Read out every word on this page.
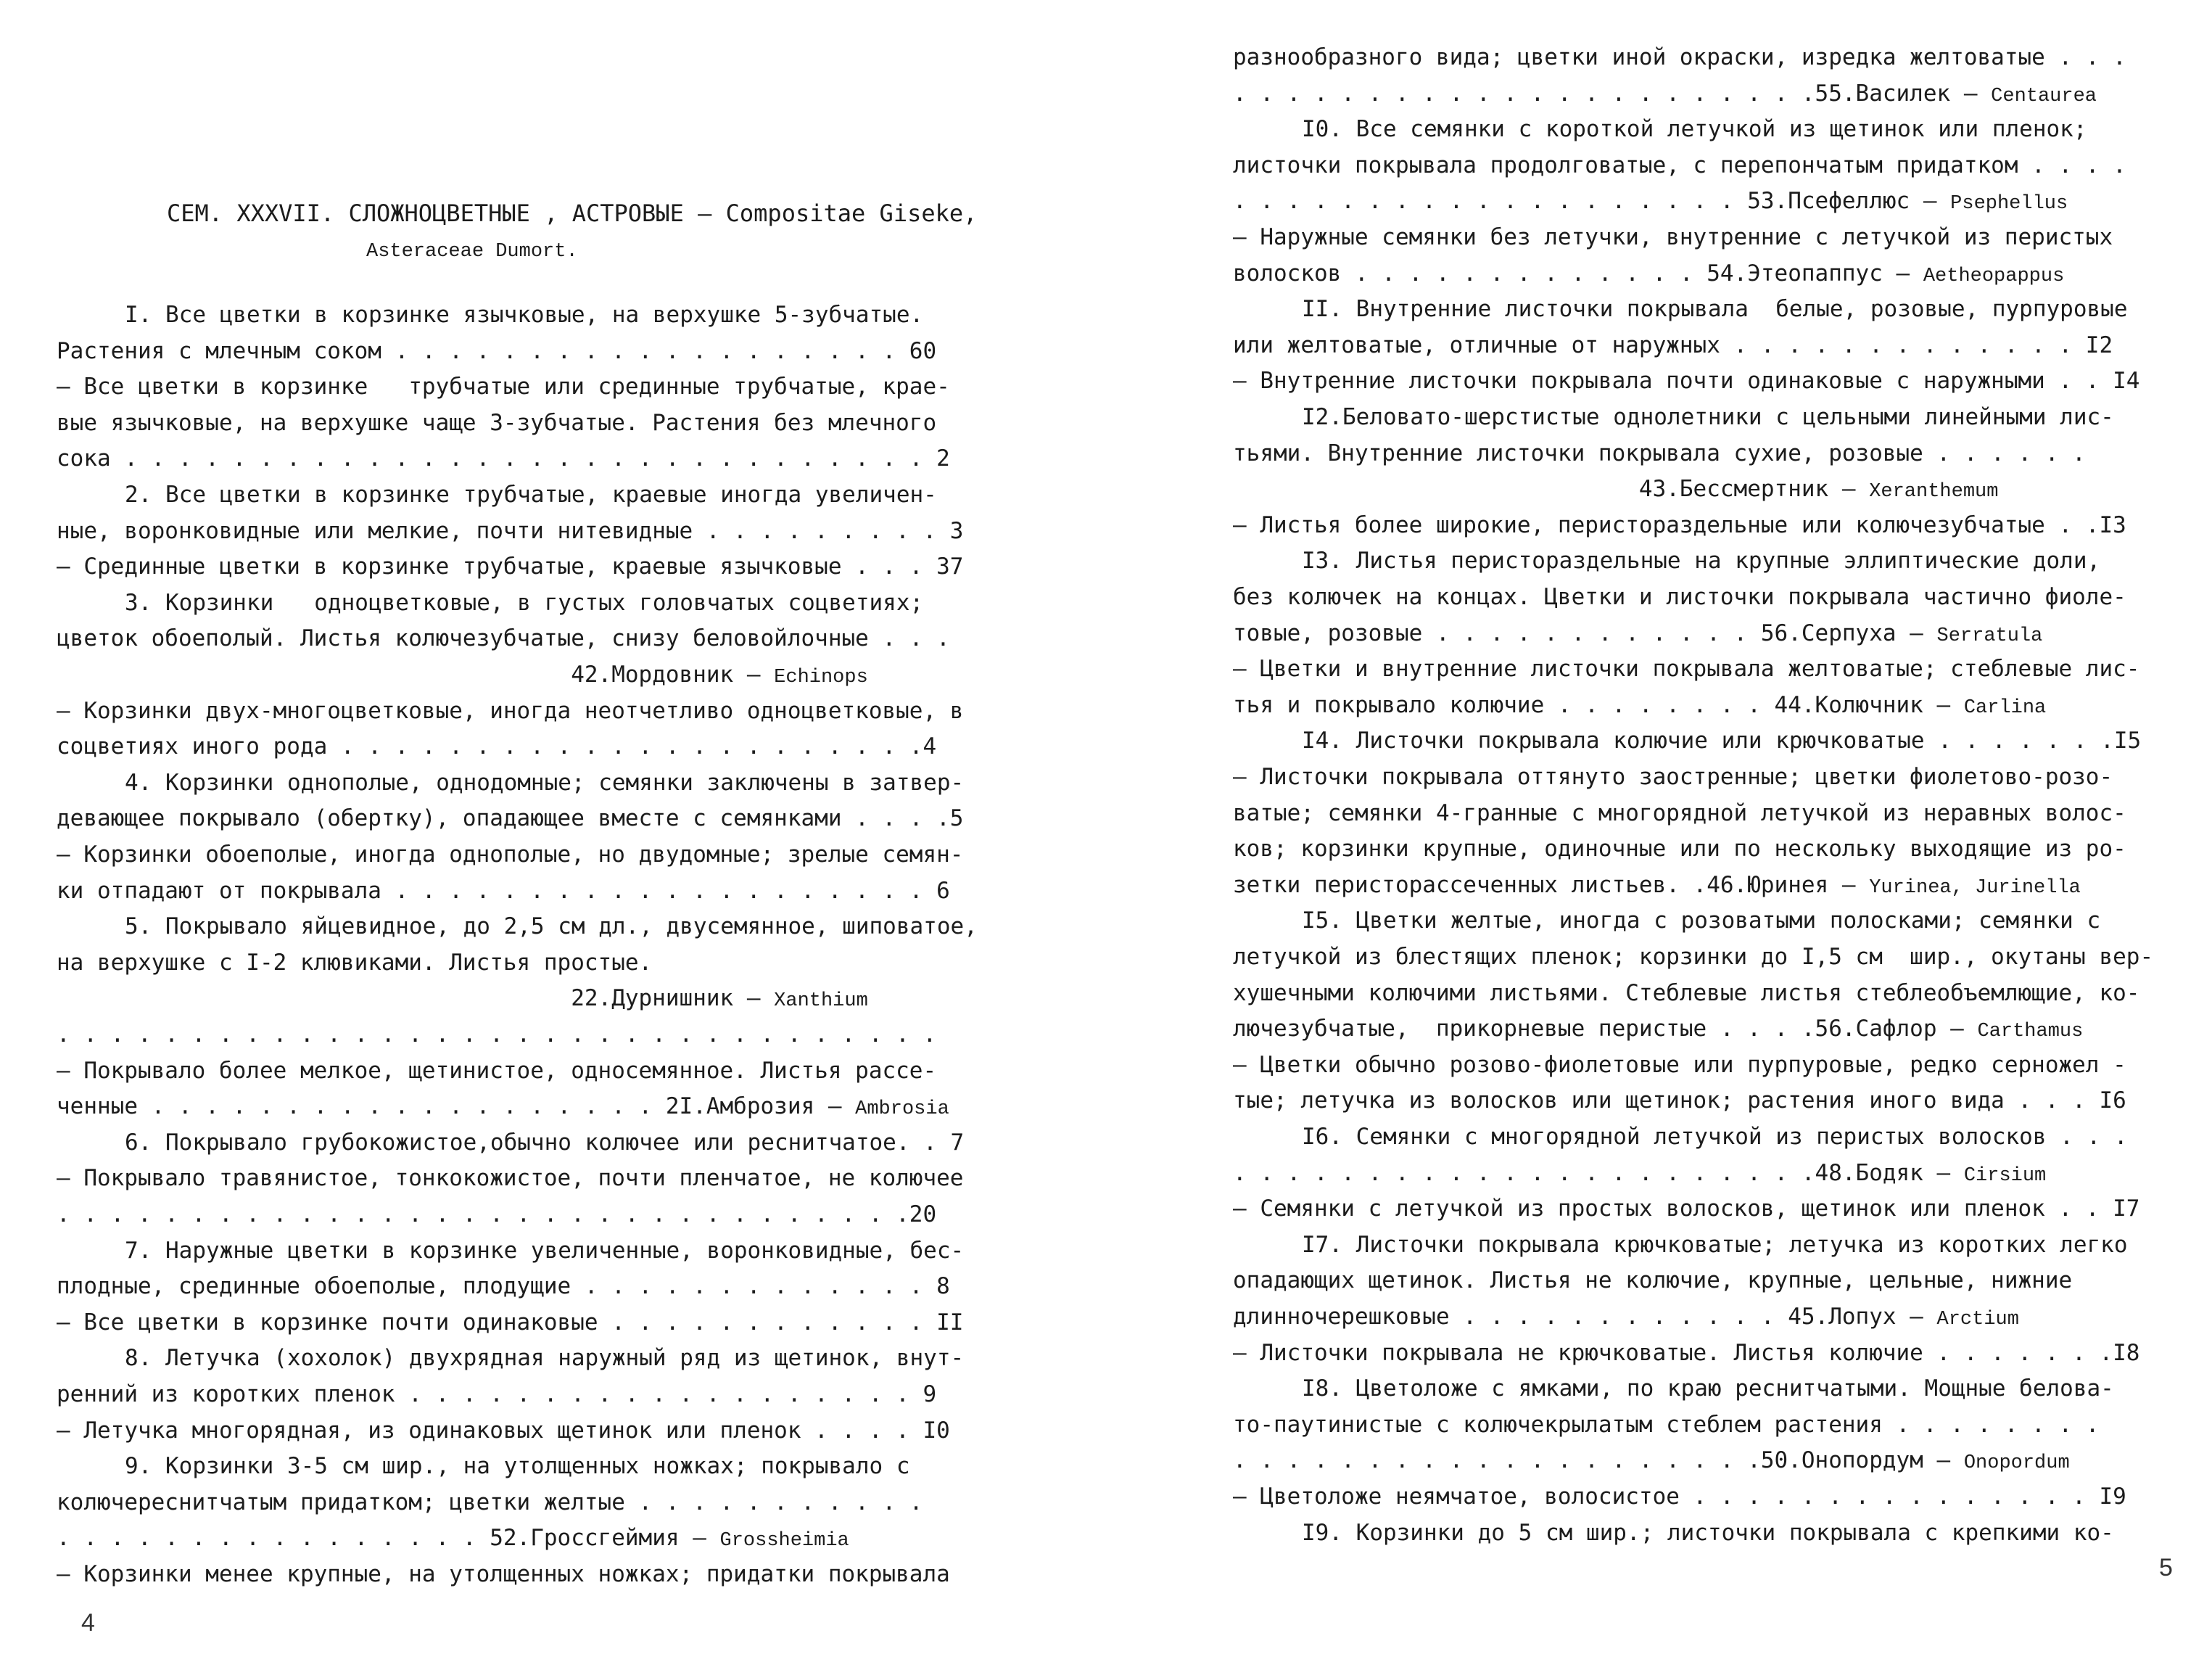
СЕМ. XXXVII. СЛОЖНОЦВЕТНЫЕ , АСТРОВЫЕ – Compositae Giseke,
Asteraceae Dumort.
I. Все цветки в корзинке язычковые, на верхушке 5-зубчатые.
Растения с млечным соком . . . . . . . . . . . . . . . . . . . 60
– Все цветки в корзинке   трубчатые или срединные трубчатые, крае-
вые язычковые, на верхушке чаще 3-зубчатые. Растения без млечного
сока . . . . . . . . . . . . . . . . . . . . . . . . . . . . . . 2
2. Все цветки в корзинке трубчатые, краевые иногда увеличен-
ные, воронковидные или мелкие, почти нитевидные . . . . . . . . . 3
– Срединные цветки в корзинке трубчатые, краевые язычковые . . . 37
3. Корзинки   одноцветковые, в густых головчатых соцветиях;
цветок обоеполый. Листья колючезубчатые, снизу беловойлочные . . .
42.Мордовник – Echinops
– Корзинки двух-многоцветковые, иногда неотчетливо одноцветковые, в
соцветиях иного рода . . . . . . . . . . . . . . . . . . . . . .4
4. Корзинки однополые, однодомные; семянки заключены в затвер-
девающее покрывало (обертку), опадающее вместе с семянками . . . .5
– Корзинки обоеполые, иногда однополые, но двудомные; зрелые семян-
ки отпадают от покрывала . . . . . . . . . . . . . . . . . . . . 6
5. Покрывало яйцевидное, до 2,5 см дл., двусемянное, шиповатое,
на верхушке с I-2 клювиками. Листья простые.
22.Дурнишник – Xanthium
. . . . . . . . . . . . . . . . . . . . . . . . . . . . . . . . .
– Покрывало более мелкое, щетинистое, односемянное. Листья рассе-
ченные . . . . . . . . . . . . . . . . . . . 2I.Амброзия – Ambrosia
6. Покрывало грубокожистое,обычно колючее или реснитчатое. . 7
– Покрывало травянистое, тонкокожистое, почти пленчатое, не колючее
. . . . . . . . . . . . . . . . . . . . . . . . . . . . . . . .20
7. Наружные цветки в корзинке увеличенные, воронковидные, бес-
плодные, срединные обоеполые, плодущие . . . . . . . . . . . . . 8
– Все цветки в корзинке почти одинаковые . . . . . . . . . . . . II
8. Летучка (хохолок) двухрядная наружный ряд из щетинок, внут-
ренний из коротких пленок . . . . . . . . . . . . . . . . . . . 9
– Летучка многорядная, из одинаковых щетинок или пленок . . . . I0
9. Корзинки 3-5 см шир., на утолщенных ножках; покрывало с
колючереснитчатым придатком; цветки желтые . . . . . . . . . . .
. . . . . . . . . . . . . . . . 52.Гроссгеймия – Grossheimia
– Корзинки менее крупные, на утолщенных ножках; придатки покрывала
4
разнообразного вида; цветки иной окраски, изредка желтоватые . . .
. . . . . . . . . . . . . . . . . . . . . .55.Василек – Centaurea
I0. Все семянки с короткой летучкой из щетинок или пленок;
листочки покрывала продолговатые, с перепончатым придатком . . . .
. . . . . . . . . . . . . . . . . . . 53.Псефеллюс – Psephellus
– Наружные семянки без летучки, внутренние с летучкой из перистых
волосков . . . . . . . . . . . . . 54.Этеопаппус – Aetheopappus
II. Внутренние листочки покрывала  белые, розовые, пурпуровые
или желтоватые, отличные от наружных . . . . . . . . . . . . . I2
– Внутренние листочки покрывала почти одинаковые с наружными . . I4
I2.Беловато-шерстистые однолетники с цельными линейными лис-
тьями. Внутренние листочки покрывала сухие, розовые . . . . . .
43.Бессмертник – Xeranthemum
– Листья более широкие, перистораздельные или колючезубчатые . .I3
I3. Листья перистораздельные на крупные эллиптические доли,
без колючек на концах. Цветки и листочки покрывала частично фиоле-
товые, розовые . . . . . . . . . . . . 56.Серпуха – Serratula
– Цветки и внутренние листочки покрывала желтоватые; стеблевые лис-
тья и покрывало колючие . . . . . . . . 44.Колючник – Carlina
I4. Листочки покрывала колючие или крючковатые . . . . . . .I5
– Листочки покрывала оттянуто заостренные; цветки фиолетово-розо-
ватые; семянки 4-гранные с многорядной летучкой из неравных волос-
ков; корзинки крупные, одиночные или по нескольку выходящие из ро-
зетки перисторассеченных листьев. .46.Юринея – Yurinea, Jurinella
I5. Цветки желтые, иногда с розоватыми полосками; семянки с
летучкой из блестящих пленок; корзинки до I,5 см  шир., окутаны вер-
хушечными колючими листьями. Стеблевые листья стеблеобъемлющие, ко-
лючезубчатые,  прикорневые перистые . . . .56.Сафлор – Carthamus
– Цветки обычно розово-фиолетовые или пурпуровые, редко серножел -
тые; летучка из волосков или щетинок; растения иного вида . . . I6
I6. Семянки с многорядной летучкой из перистых волосков . . .
. . . . . . . . . . . . . . . . . . . . . .48.Бодяк – Cirsium
– Семянки с летучкой из простых волосков, щетинок или пленок . . I7
I7. Листочки покрывала крючковатые; летучка из коротких легко
опадающих щетинок. Листья не колючие, крупные, цельные, нижние
длинночерешковые . . . . . . . . . . . . 45.Лопух – Arctium
– Листочки покрывала не крючковатые. Листья колючие . . . . . . .I8
I8. Цветоложе с ямками, по краю реснитчатыми. Мощные белова-
то-паутинистые с колючекрылатым стеблем растения . . . . . . . .
. . . . . . . . . . . . . . . . . . . .50.Онопордум – Onopordum
– Цветоложе неямчатое, волосистое . . . . . . . . . . . . . . . I9
I9. Корзинки до 5 см шир.; листочки покрывала с крепкими ко-
5
